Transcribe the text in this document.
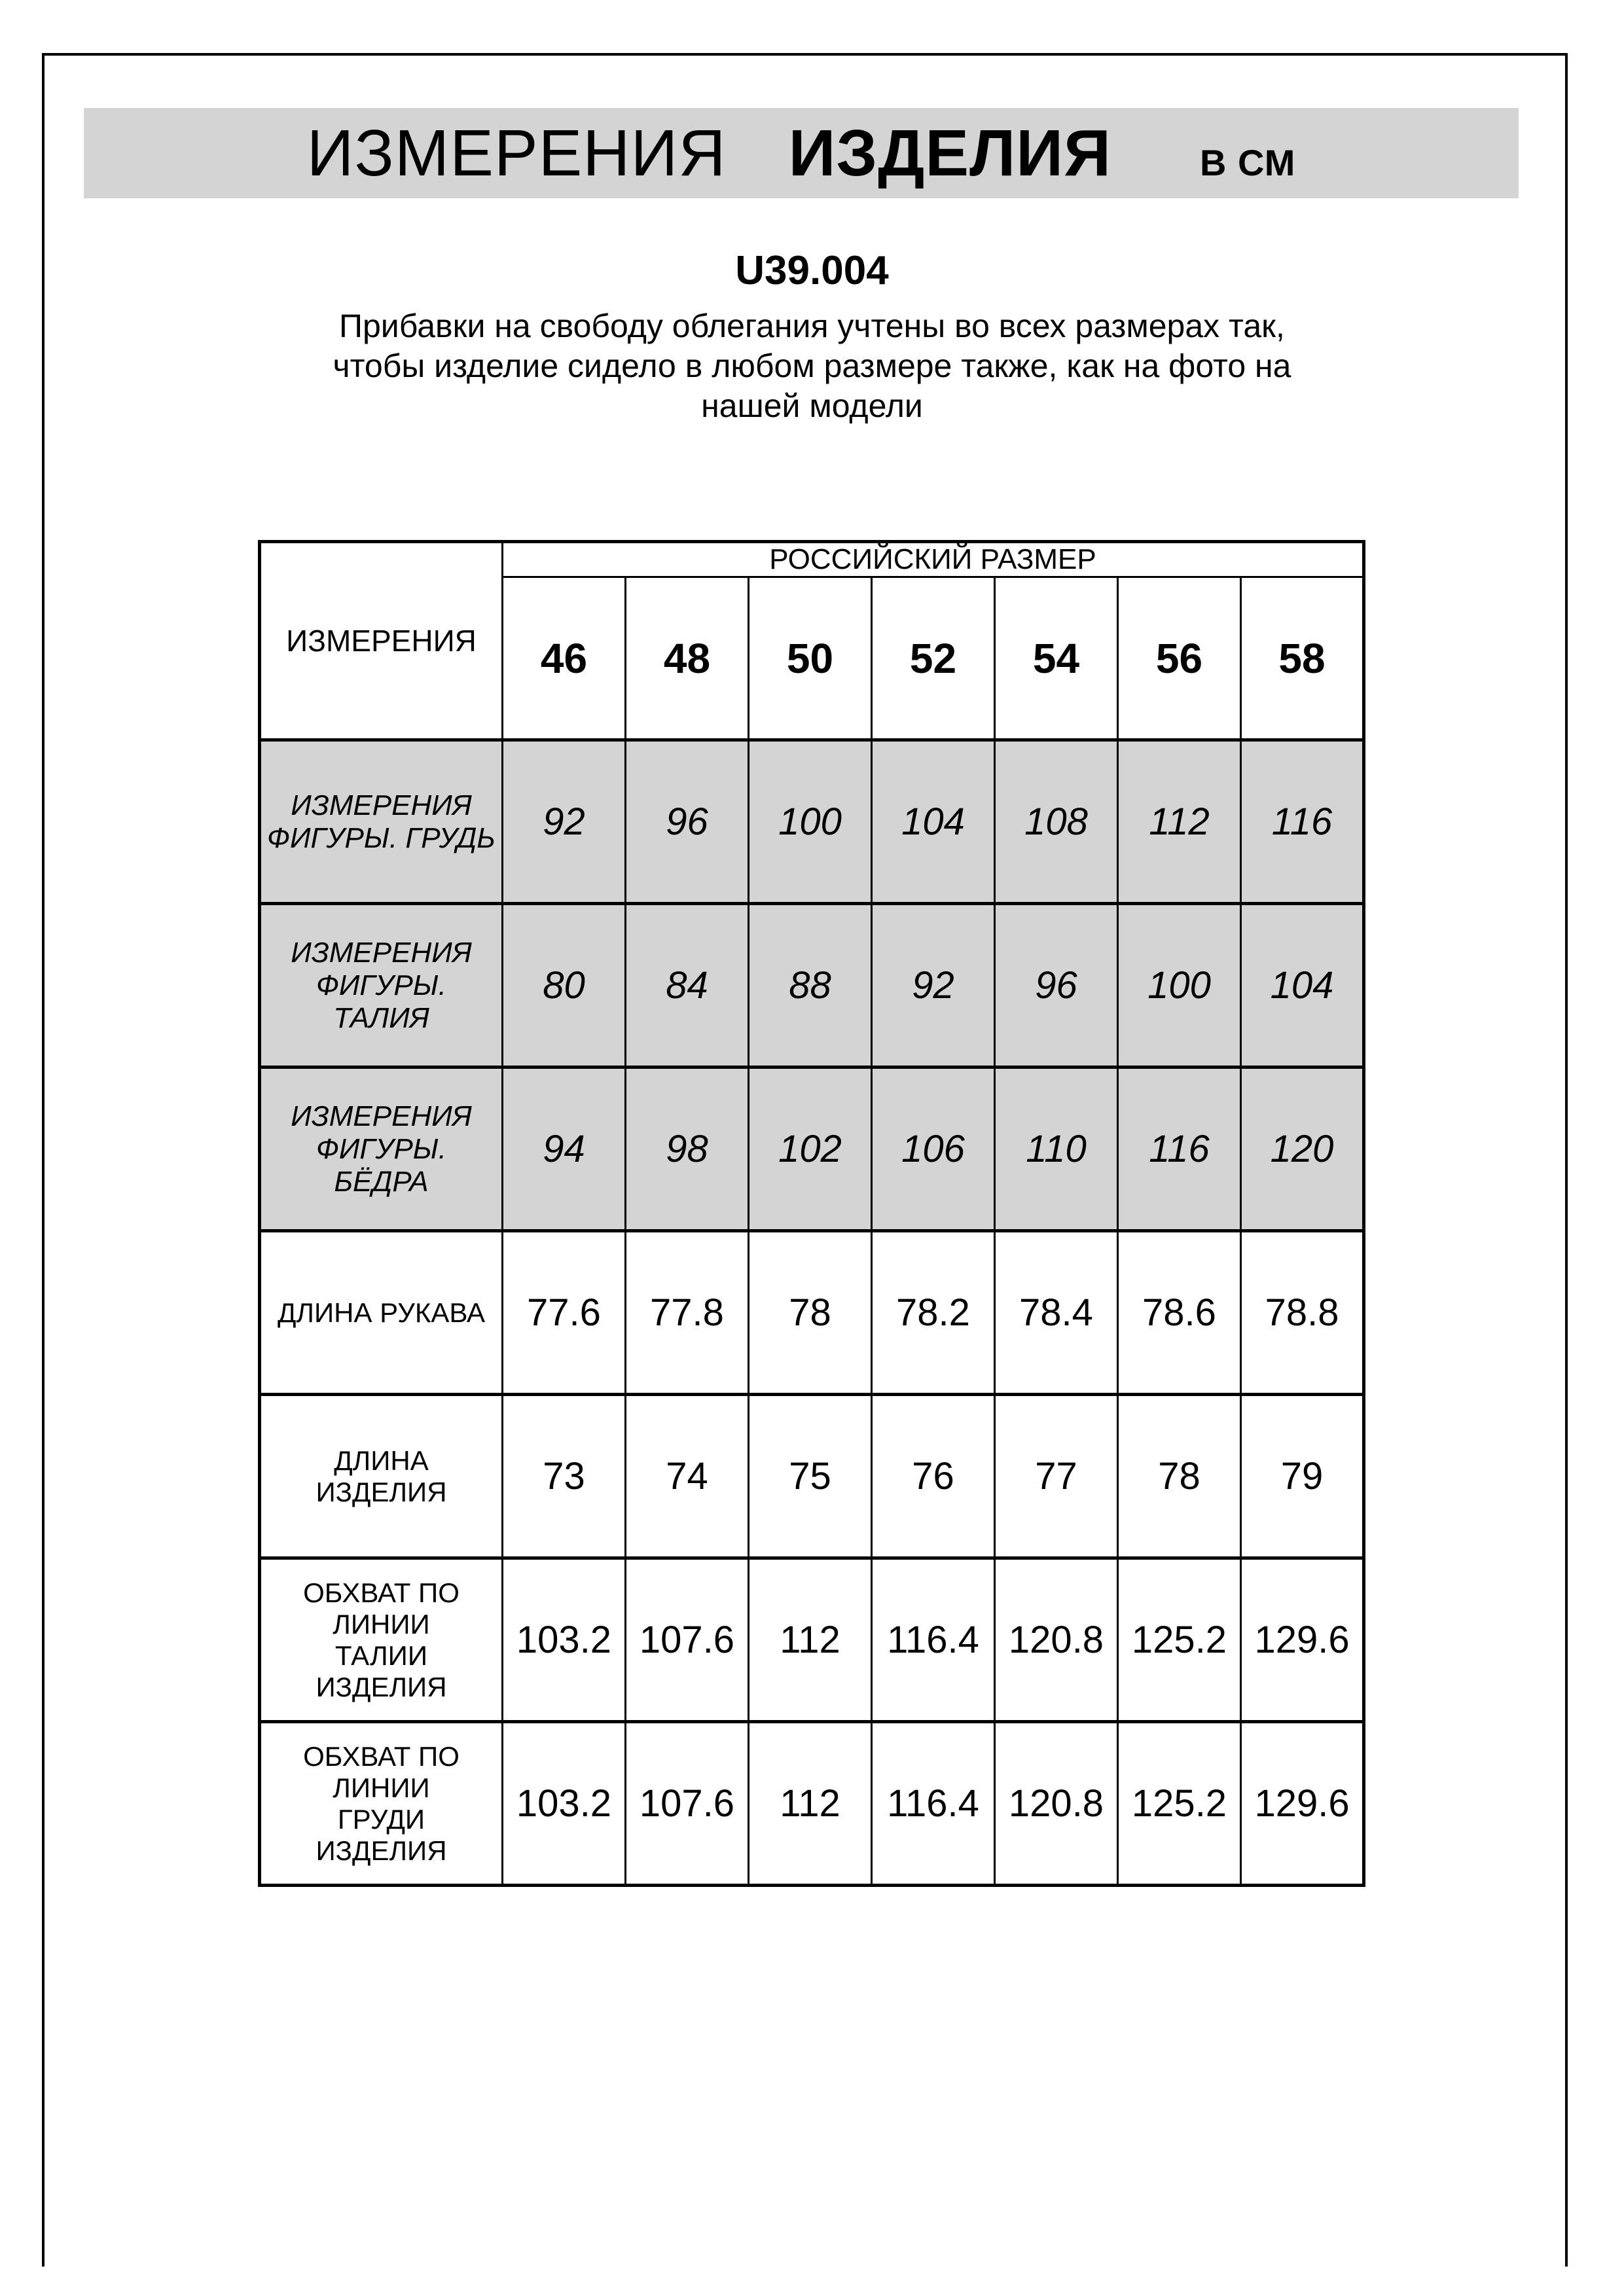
ИЗМЕРЕНИЯ ИЗДЕЛИЯ В СМ
U39.004
Прибавки на свободу облегания учтены во всех размерах так,
чтобы изделие сидело в любом размере также, как на фото на
нашей модели
ИЗМЕРЕНИЯ	РОССИЙСКИЙ РАЗМЕР						
	46	48	50	52	54	56	58
ИЗМЕРЕНИЯ ФИГУРЫ. ГРУДЬ	92	96	100	104	108	112	116
ИЗМЕРЕНИЯ ФИГУРЫ. ТАЛИЯ	80	84	88	92	96	100	104
ИЗМЕРЕНИЯ ФИГУРЫ. БЁДРА	94	98	102	106	110	116	120
ДЛИНА РУКАВА	77.6	77.8	78	78.2	78.4	78.6	78.8
ДЛИНА ИЗДЕЛИЯ	73	74	75	76	77	78	79

ОБХВАТ ПО ЛИНИИ ТАЛИИ ИЗДЕЛИЯ	103.2	107.6	112	116.4	120.8	125.2	129.6

ОБХВАТ ПО ЛИНИИ ГРУДИ ИЗДЕЛИЯ	103.2	107.6	112	116.4	120.8	125.2	129.6
